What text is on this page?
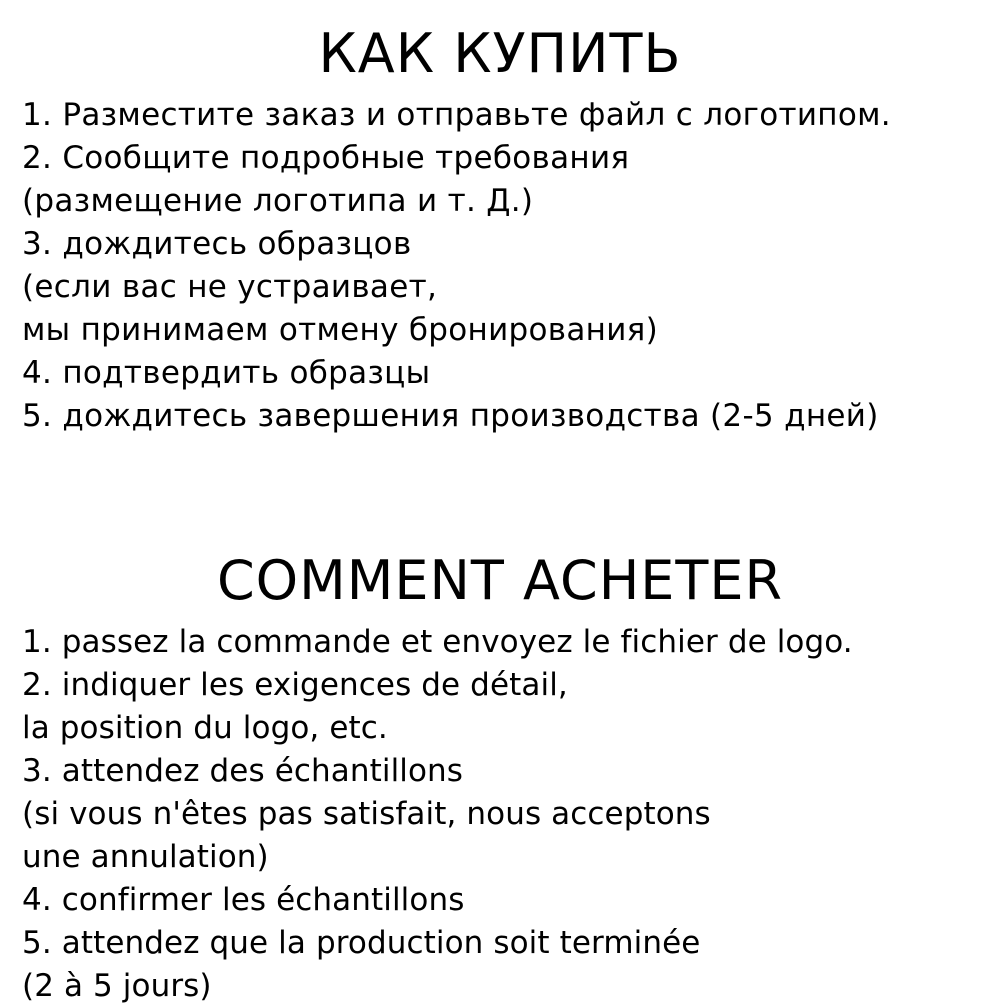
КАК КУПИТЬ
1. Разместите заказ и отправьте файл с логотипом.
2. Сообщите подробные требования
(размещение логотипа и т. Д.)
3. дождитесь образцов
(если вас не устраивает,
мы принимаем отмену бронирования)
4. подтвердить образцы
5. дождитесь завершения производства (2-5 дней)
COMMENT ACHETER
1. passez la commande et envoyez le fichier de logo.
2. indiquer les exigences de détail,
la position du logo, etc.
3. attendez des échantillons
(si vous n'êtes pas satisfait, nous acceptons
une annulation)
4. confirmer les échantillons
5. attendez que la production soit terminée
(2 à 5 jours)
